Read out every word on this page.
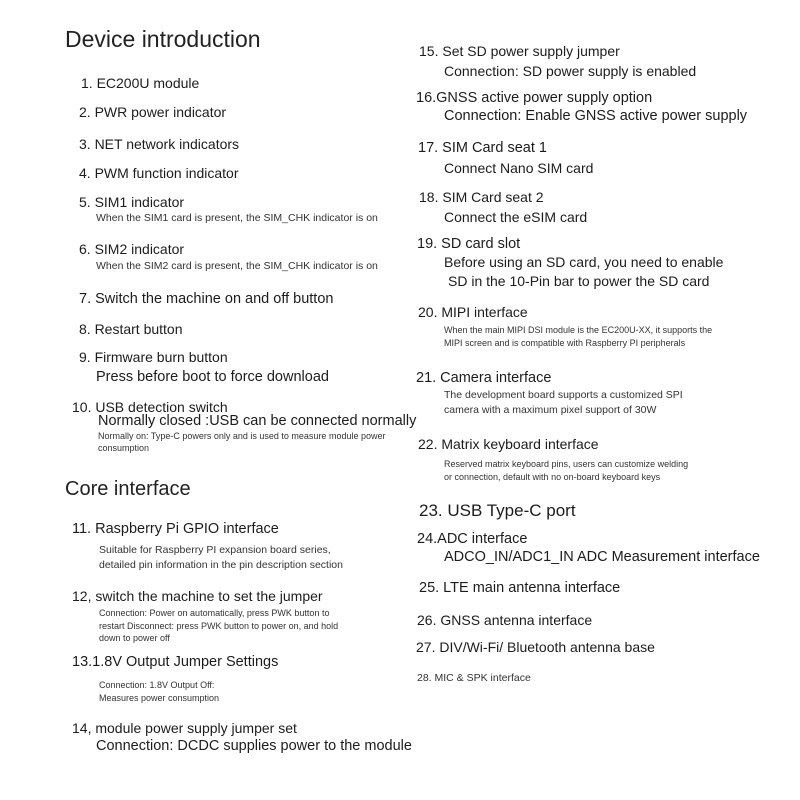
Device introduction
1. EC200U module
2. PWR power indicator
3. NET network indicators
4. PWM function indicator
5. SIM1 indicator
When the SIM1 card is present, the SIM_CHK indicator is on
6. SIM2 indicator
When the SIM2 card is present, the SIM_CHK indicator is on
7. Switch the machine on and off button
8. Restart button
9. Firmware burn button
Press before boot to force download
10. USB detection switch
Normally closed :USB can be connected normally
Normally on: Type-C powers only and is used to measure module power
consumption
Core interface
11. Raspberry Pi GPIO interface
Suitable for Raspberry PI expansion board series,
detailed pin information in the pin description section
12, switch the machine to set the jumper
Connection: Power on automatically, press PWK button to
restart Disconnect: press PWK button to power on, and hold
down to power off
13.1.8V Output Jumper Settings
Connection: 1.8V Output Off:
Measures power consumption
14, module power supply jumper set
Connection: DCDC supplies power to the module
15. Set SD power supply jumper
Connection: SD power supply is enabled
16.GNSS active power supply option
Connection: Enable GNSS active power supply
17. SIM Card seat 1
Connect Nano SIM card
18. SIM Card seat 2
Connect the eSIM card
19. SD card slot
Before using an SD card, you need to enable
SD in the 10-Pin bar to power the SD card
20. MIPI interface
When the main MIPI DSI module is the EC200U-XX, it supports the
MIPI screen and is compatible with Raspberry PI peripherals
21. Camera interface
The development board supports a customized SPI
camera with a maximum pixel support of 30W
22. Matrix keyboard interface
Reserved matrix keyboard pins, users can customize welding
or connection, default with no on-board keyboard keys
23. USB Type-C port
24.ADC interface
ADCO_IN/ADC1_IN ADC Measurement interface
25. LTE main antenna interface
26. GNSS antenna interface
27. DIV/Wi-Fi/ Bluetooth antenna base
28. MIC & SPK interface
